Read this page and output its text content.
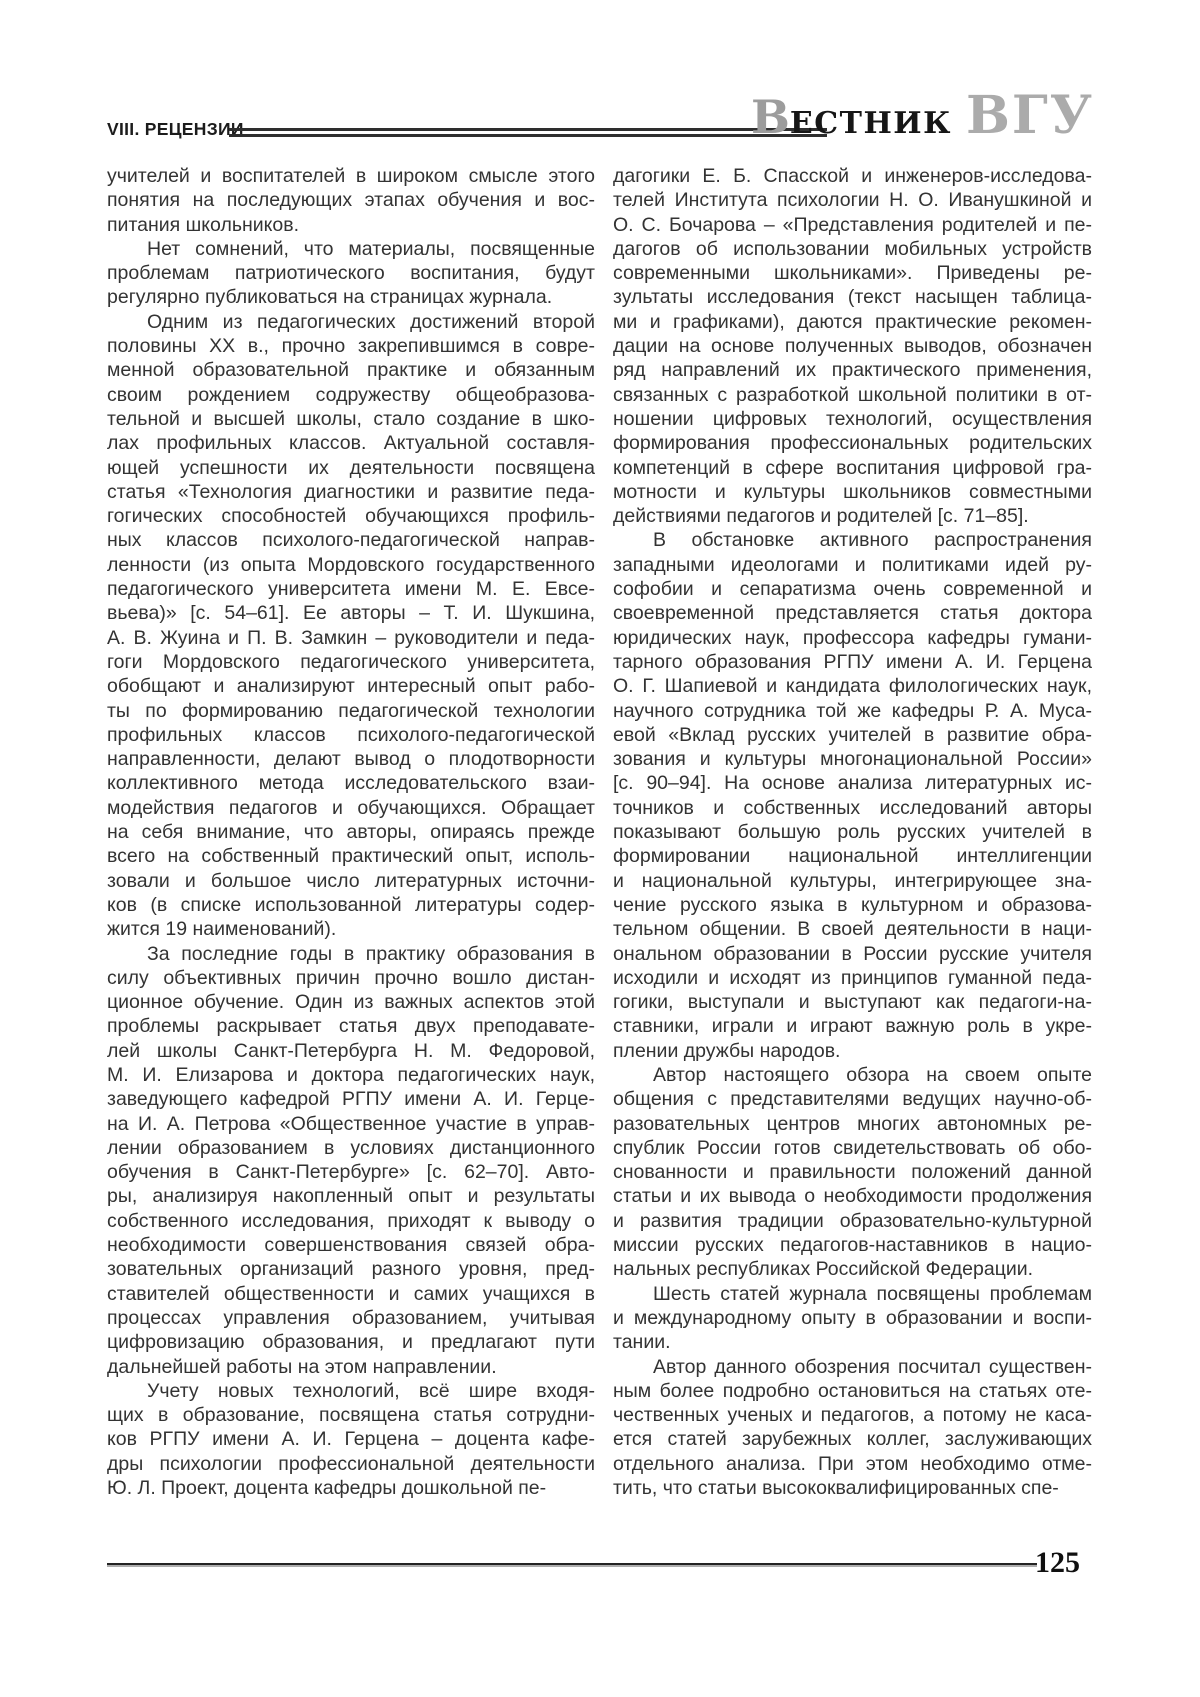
VIII. РЕЦЕНЗИИ	ВЕСТНИК ВГУ
учителей и воспитателей в широком смысле этого
понятия на последующих этапах обучения и вос-
питания школьников.
Нет сомнений, что материалы, посвященные
проблемам патриотического воспитания, будут
регулярно публиковаться на страницах журнала.
Одним из педагогических достижений второй
половины XX в., прочно закрепившимся в совре-
менной образовательной практике и обязанным
своим рождением содружеству общеобразова-
тельной и высшей школы, стало создание в шко-
лах профильных классов. Актуальной составля-
ющей успешности их деятельности посвящена
статья «Технология диагностики и развитие педа-
гогических способностей обучающихся профиль-
ных классов психолого-педагогической направ-
ленности (из опыта Мордовского государственного
педагогического университета имени М. Е. Евсе-
вьева)» [с. 54–61]. Ее авторы – Т. И. Шукшина,
А. В. Жуина и П. В. Замкин – руководители и педа-
гоги Мордовского педагогического университета,
обобщают и анализируют интересный опыт рабо-
ты по формированию педагогической технологии
профильных классов психолого-педагогической
направленности, делают вывод о плодотворности
коллективного метода исследовательского взаи-
модействия педагогов и обучающихся. Обращает
на себя внимание, что авторы, опираясь прежде
всего на собственный практический опыт, исполь-
зовали и большое число литературных источни-
ков (в списке использованной литературы содер-
жится 19 наименований).
За последние годы в практику образования в
силу объективных причин прочно вошло дистан-
ционное обучение. Один из важных аспектов этой
проблемы раскрывает статья двух преподавате-
лей школы Санкт-Петербурга Н. М. Федоровой,
М. И. Елизарова и доктора педагогических наук,
заведующего кафедрой РГПУ имени А. И. Герце-
на И. А. Петрова «Общественное участие в управ-
лении образованием в условиях дистанционного
обучения в Санкт-Петербурге» [с. 62–70]. Авто-
ры, анализируя накопленный опыт и результаты
собственного исследования, приходят к выводу о
необходимости совершенствования связей обра-
зовательных организаций разного уровня, пред-
ставителей общественности и самих учащихся в
процессах управления образованием, учитывая
цифровизацию образования, и предлагают пути
дальнейшей работы на этом направлении.
Учету новых технологий, всё шире входя-
щих в образование, посвящена статья сотрудни-
ков РГПУ имени А. И. Герцена – доцента кафе-
дры психологии профессиональной деятельности
Ю. Л. Проект, доцента кафедры дошкольной пе-
дагогики Е. Б. Спасской и инженеров-исследова-
телей Института психологии Н. О. Иванушкиной и
О. С. Бочарова – «Представления родителей и пе-
дагогов об использовании мобильных устройств
современными школьниками». Приведены ре-
зультаты исследования (текст насыщен таблица-
ми и графиками), даются практические рекомен-
дации на основе полученных выводов, обозначен
ряд направлений их практического применения,
связанных с разработкой школьной политики в от-
ношении цифровых технологий, осуществления
формирования профессиональных родительских
компетенций в сфере воспитания цифровой гра-
мотности и культуры школьников совместными
действиями педагогов и родителей [с. 71–85].
В обстановке активного распространения
западными идеологами и политиками идей ру-
софобии и сепаратизма очень современной и
своевременной представляется статья доктора
юридических наук, профессора кафедры гумани-
тарного образования РГПУ имени А. И. Герцена
О. Г. Шапиевой и кандидата филологических наук,
научного сотрудника той же кафедры Р. А. Муса-
евой «Вклад русских учителей в развитие обра-
зования и культуры многонациональной России»
[с. 90–94]. На основе анализа литературных ис-
точников и собственных исследований авторы
показывают большую роль русских учителей в
формировании национальной интеллигенции
и национальной культуры, интегрирующее зна-
чение русского языка в культурном и образова-
тельном общении. В своей деятельности в наци-
ональном образовании в России русские учителя
исходили и исходят из принципов гуманной педа-
гогики, выступали и выступают как педагоги-на-
ставники, играли и играют важную роль в укре-
плении дружбы народов.
Автор настоящего обзора на своем опыте
общения с представителями ведущих научно-об-
разовательных центров многих автономных ре-
спублик России готов свидетельствовать об обо-
снованности и правильности положений данной
статьи и их вывода о необходимости продолжения
и развития традиции образовательно-культурной
миссии русских педагогов-наставников в нацио-
нальных республиках Российской Федерации.
Шесть статей журнала посвящены проблемам
и международному опыту в образовании и воспи-
тании.
Автор данного обозрения посчитал существен-
ным более подробно остановиться на статьях оте-
чественных ученых и педагогов, а потому не каса-
ется статей зарубежных коллег, заслуживающих
отдельного анализа. При этом необходимо отме-
тить, что статьи высококвалифицированных спе-
125
